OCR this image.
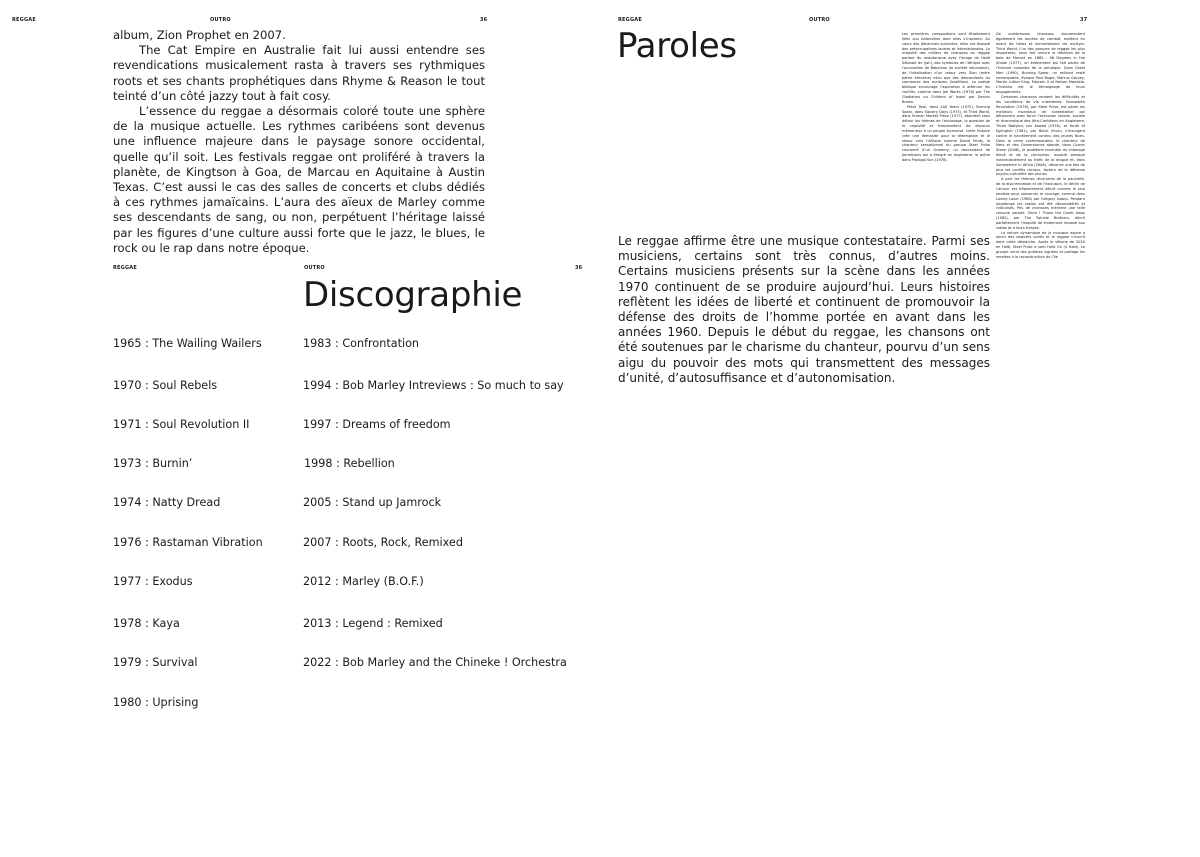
REGGAE	OUTRO	36

album, Zion Prophet en 2007.

The Cat Empire en Australie fait lui aussi entendre ses revendications musicalement rasta à travers ses rythmiques roots et ses chants prophétiques dans Rhyme & Reason le tout teinté d’un côté jazzy tout à fait cosy.

L’essence du reggae a désormais coloré toute une sphère de la musique actuelle. Les rythmes caribéens sont devenus une influence majeure dans le paysage sonore occidental, quelle qu’il soit. Les festivals reggae ont proliféré à travers la planète, de Kingtson à Goa, de Marcau en Aquitaine à Austin Texas. C’est aussi le cas des salles de concerts et clubs dédiés à ces rythmes jamaïcains. L’aura des aïeux de Marley comme ses descendants de sang, ou non, perpétuent l’héritage laissé par les figures d’une culture aussi forte que le jazz, le blues, le rock ou le rap dans notre époque.

REGGAE	OUTRO	36
Discographie
1965 : The Wailing Wailers
1970 : Soul Rebels
1971 : Soul Revolution II
1973 : Burnin’
1974 : Natty Dread
1976 : Rastaman Vibration
1977 : Exodus
1978 : Kaya
1979 : Survival
1980 : Uprising
1983 : Confrontation
1994 : Bob Marley Intreviews : So much to say
1997 : Dreams of freedom
1998 : Rebellion
2005 : Stand up Jamrock
2007 : Roots, Rock, Remixed
2012 : Marley (B.O.F.)
2013 : Legend : Remixed
2022 : Bob Marley and the Chineke ! Orchestra
REGGAE	OUTRO	37
Paroles	Les premières compositions sont étroitement liées aux bidonvilles dont elles s’inspirent. Au cours des décennies suivantes, elles ont évoqué des préoccupations locales et internationales. La majorité des milliers de chansons du reggae parlent du rastafarisme avec l’image de Hailé Sélassié Ier (Jah), des symboles de l’Afrique avec l’accusation de Babylone (la société inhumaine), de l’idéalisation d’un retour vers Sion (mère patrie africaine) ainsi que des descendants du commerce des esclaves (Israélites). La poésie biblique encourage l’aspiration à atténuer les conflits, comme dans Jah Works (1978) par The Gladiators ou Children of Israel par Dennis Brown.

Peter Tosh, dans 400 Years (1972), Burning Spear, dans Slavery Days (1975), et Third World, dans Human Market Place (1977), abordent sans détour les thèmes de l’esclavage, la question de la captivité et transmettent les discours mémoriaux à un peuple tyrannisé. Cette histoire crée une demande pour la rédemption et le retour vers l’Afrique comme David Hinds, le chanteur sensationnel du groupe Steel Pulse couronné d’un Grammy, un descendant de Jamaïcains qui a émigré en Angleterre, le prône dans Prodigal Son (1978).

De nombreuses chansons documentent également les années de combat, mettent en avant les héros et immortalisent les martyrs. Third World, l’un des groupes de reggae les plus importants, nous fait revivre la rébellion de la baie de Morant en 1865 : 96 Degrees in the Shade (1977), un événement qui fait partie de l’histoire coloniale de la Jamaïque. Dans Great Men (1990), Burning Spear, un militant resté remarquable, évoque Paul Bogle, Marcus Garvey, Martin Luther King, Malcom X et Nelson Mandela. L’histoire est le témoignage de leurs engagements.

Certaines chansons rendent les difficultés et les conditions de vie misérables. Hansworth Revolution (1978), par Steel Pulse, est parmi les meilleurs morceaux de contestation qui dénoncent avec force l’exclusion raciale, sociale et économique des Afro-Caribéens en Angleterre. Three Babylon, par Aswad (1976), et Youth of Eglington (1981), par Black Uhuru, s’insurgent contre le harcèlement continu des jeunes Noirs. Dans la veine contemporaine, le chanteur de Mets et des Cornerstones aborde, dans Corner Stone (2006), le problème insoluble du chômage élevé et de la corruption, associé presque inextricablement au trafic de la drogue et, dans Somewhere In Africa (2006), dénonce une fois de plus les conflits raciaux, facteur de la détresse psycho-culturelle des jeunes.

À part les thèmes récurrents de la pauvreté, de la discrimination et de l’exclusion, le déclin de l’amour est fréquemment décrit comme le seul remède pour conserver le courage, comme dans Lonely Lover (1980) par Gregory Isaacs. Pendant longtemps les rastas ont été déconsidérés et ridiculisés. Peu de chansons méritent une telle censure sociale. Since I Throw the Comb Away (1982), par The Twinkle Brothers, décrit parfaitement l’iniquité de traitement imposé aux rastas et à leurs tresses.

La nature dynamique de la musique aspire à servir des objectifs variés et le reggae s’inscrit dans cette démarche. Après le séisme de 2010 en Haïti, Steel Pulse a sorti Hold On (4 Haiti). Le groupe vend des guitares signées et partage les recettes à la reconstruction de l’île

Le reggae affirme être une musique contestataire. Parmi ses musiciens, certains sont très connus, d’autres moins. Certains musiciens présents sur la scène dans les années 1970 continuent de se produire aujourd’hui. Leurs histoires reflètent les idées de liberté et continuent de promouvoir la défense des droits de l’homme portée en avant dans les années 1960. Depuis le début du reggae, les chansons ont été soutenues par le charisme du chanteur, pourvu d’un sens aigu du pouvoir des mots qui transmettent des messages d’unité, d’autosuffisance et d’autonomisation.
